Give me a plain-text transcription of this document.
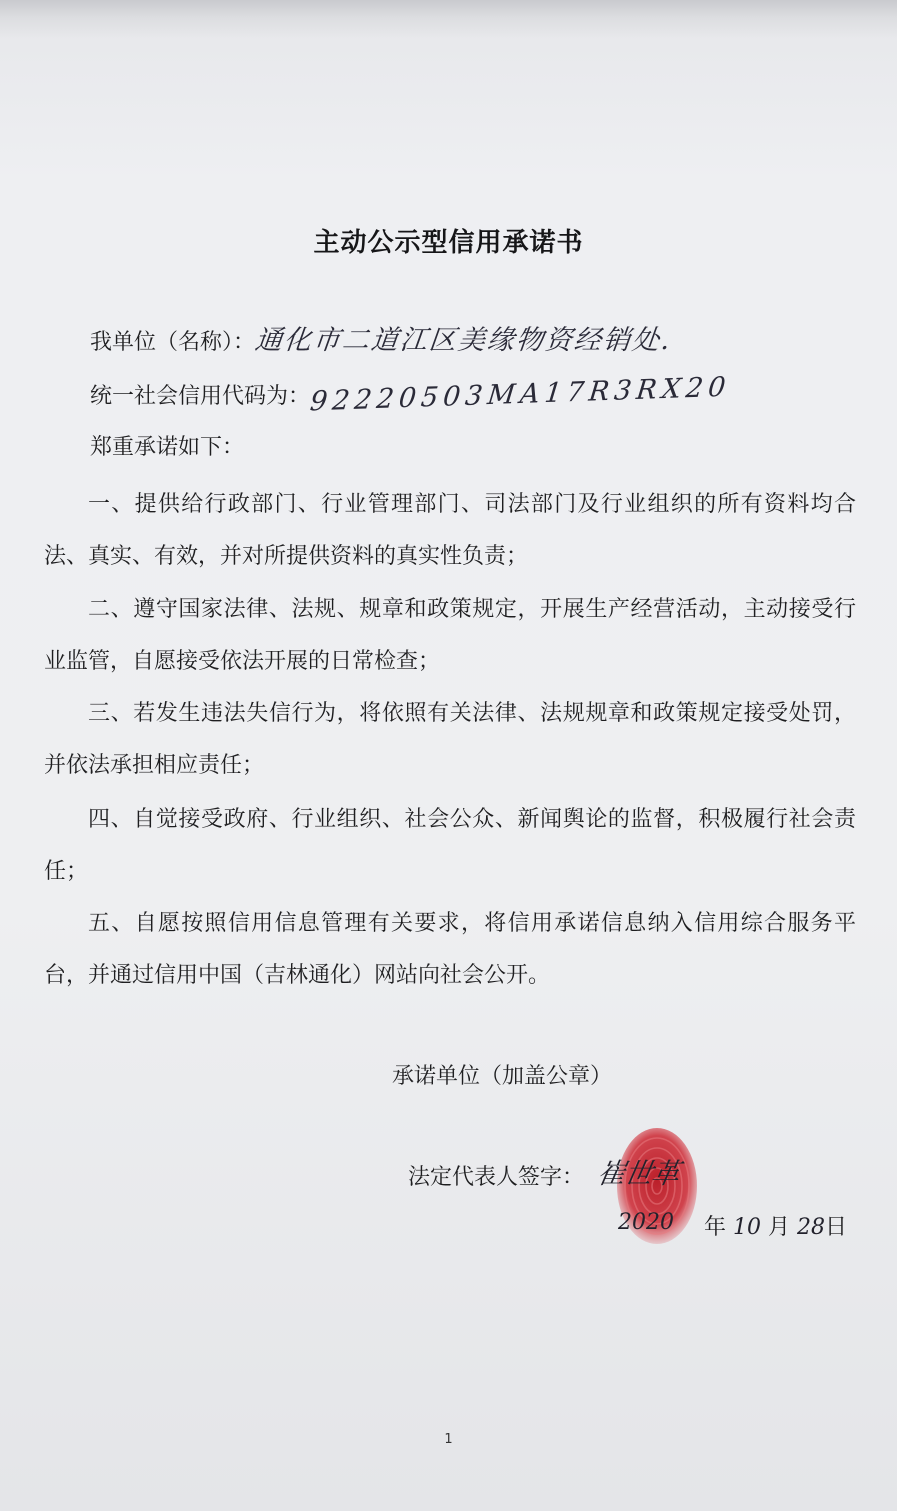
主动公示型信用承诺书
我单位（名称）：通化市二道江区美缘物资经销处.
统一社会信用代码为：92220503MA17R3RX20
郑重承诺如下：
一、提供给行政部门、行业管理部门、司法部门及行业组织的所有资料均合法、真实、有效，并对所提供资料的真实性负责；
二、遵守国家法律、法规、规章和政策规定，开展生产经营活动，主动接受行业监管，自愿接受依法开展的日常检查；
三、若发生违法失信行为，将依照有关法律、法规规章和政策规定接受处罚，并依法承担相应责任；
四、自觉接受政府、行业组织、社会公众、新闻舆论的监督，积极履行社会责任；
五、自愿按照信用信息管理有关要求，将信用承诺信息纳入信用综合服务平台，并通过信用中国（吉林通化）网站向社会公开。
承诺单位（加盖公章）
法定代表人签字： 崔世革
2020 年 10 月 28日
1
